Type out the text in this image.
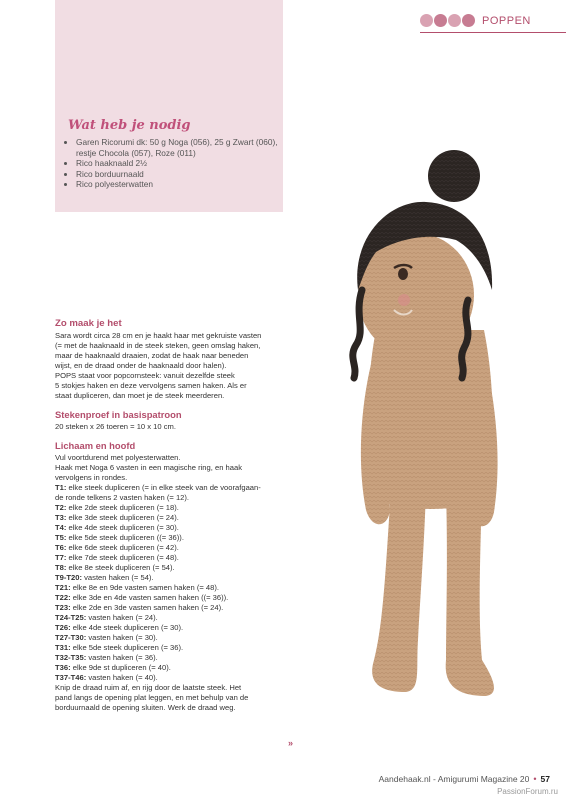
POPPEN
Wat heb je nodig
• Garen Ricorumi dk: 50 g Noga (056), 25 g Zwart (060), restje Chocola (057), Roze (011)
• Rico haaknaald 2½
• Rico borduurnaald
• Rico polyesterwatten
Zo maak je het

Sara wordt circa 28 cm en je haakt haar met gekruiste vasten

(= met de haaknaald in de steek steken, geen omslag haken,

maar de haaknaald draaien, zodat de haak naar beneden

wijst, en de draad onder de haaknaald door halen).

POPS staat voor popcornsteek: vanuit dezelfde steek

5 stokjes haken en deze vervolgens samen haken. Als er

staat dupliceren, dan moet je de steek meerderen.

Stekenproef in basispatroon

20 steken x 26 toeren = 10 x 10 cm.

Lichaam en hoofd

Vul voortdurend met polyesterwatten.

Haak met Noga 6 vasten in een magische ring, en haak

vervolgens in rondes.

T1: elke steek dupliceren (= in elke steek van de voorafgaan-

de ronde telkens 2 vasten haken (= 12).

T2: elke 2de steek dupliceren (= 18).

T3: elke 3de steek dupliceren (= 24).

T4: elke 4de steek dupliceren (= 30).

T5: elke 5de steek dupliceren ((= 36)).

T6: elke 6de steek dupliceren (= 42).

T7: elke 7de steek dupliceren (= 48).

T8: elke 8e steek dupliceren (= 54).

T9-T20: vasten haken (= 54).

T21: elke 8e en 9de vasten samen haken (= 48).

T22: elke 3de en 4de vasten samen haken ((= 36)).

T23: elke 2de en 3de vasten samen haken (= 24).

T24-T25: vasten haken (= 24).

T26: elke 4de steek dupliceren (= 30).

T27-T30: vasten haken (= 30).

T31: elke 5de steek dupliceren (= 36).

T32-T35: vasten haken (= 36).

T36: elke 9de st dupliceren (= 40).

T37-T46: vasten haken (= 40).

Knip de draad ruim af, en rijg door de laatste steek. Het

pand langs de opening plat leggen, en met behulp van de

borduurnaald de opening sluiten. Werk de draad weg.

»
Aandehaak.nl - Amigurumi Magazine 20 • 57
PassionForum.ru
